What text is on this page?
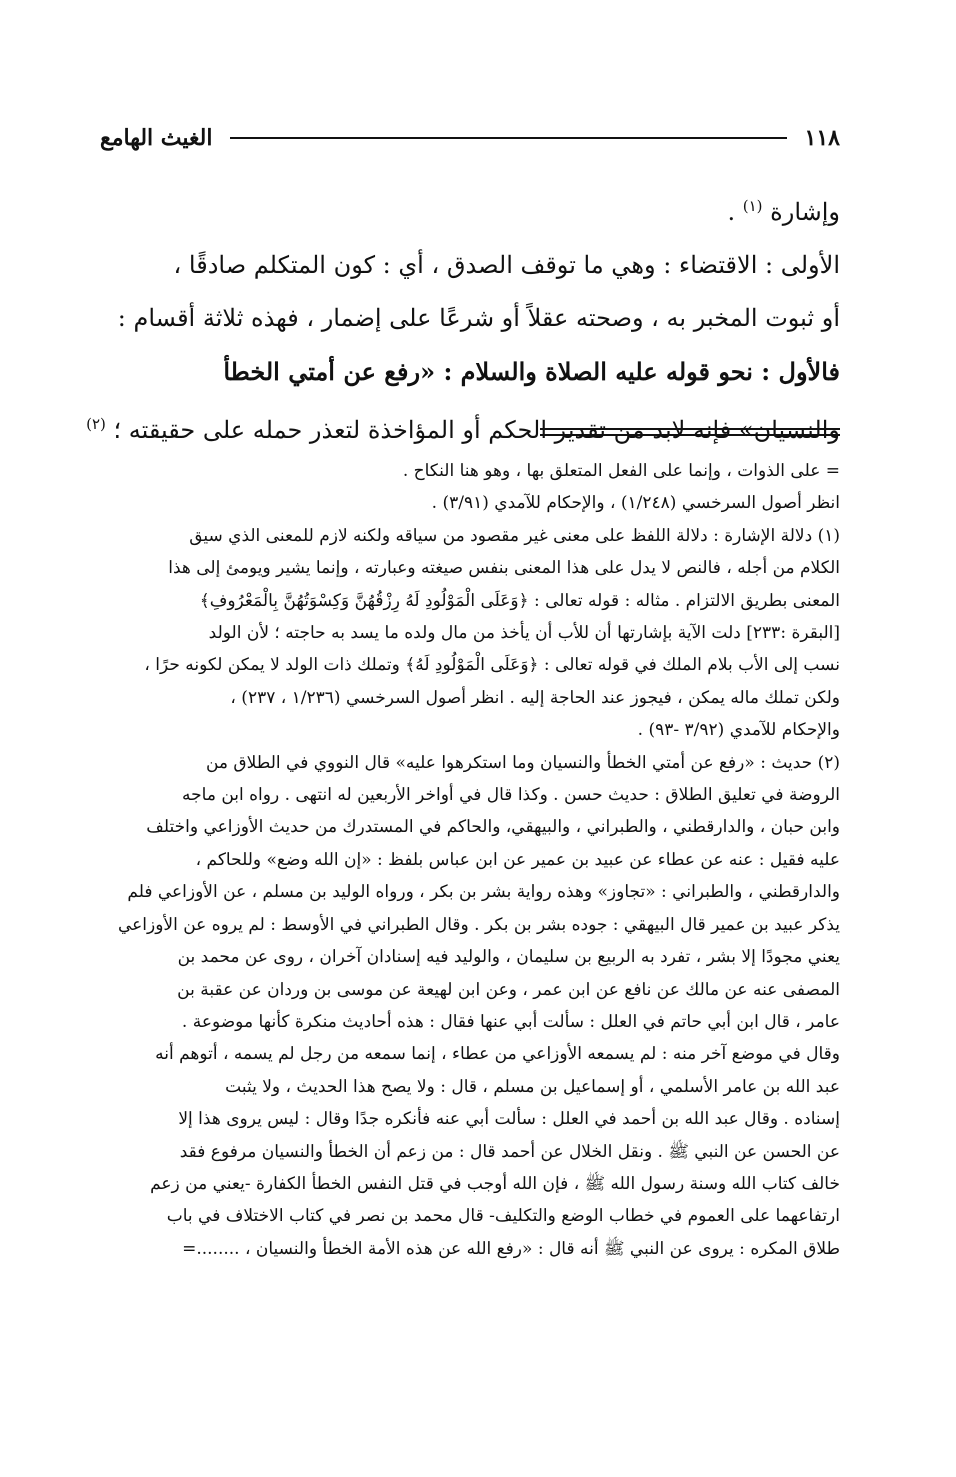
١١٨
الغيث الهامع
وإشارة $^{(١)}$ .
الأولى : الاقتضاء : وهي ما توقف الصدق ، أي : كون المتكلم صادقًا ،
أو ثبوت المخبر به ، وصحته عقلاً أو شرعًا على إضمار ، فهذه ثلاثة أقسام :
فالأول : نحو قوله عليه الصلاة والسلام : «رفع عن أمتي الخطأ
والنسيان» فإنه لابد من تقدير الحكم أو المؤاخذة لتعذر حمله على حقيقته ؛ $^{(٢)}$
= على الذوات ، وإنما على الفعل المتعلق بها ، وهو هنا النكاح .
انظر أصول السرخسي (١/٢٤٨) ، والإحكام للآمدي (٣/٩١) .
(١) دلالة الإشارة : دلالة اللفظ على معنى غير مقصود من سياقه ولكنه لازم للمعنى الذي سيق
الكلام من أجله ، فالنص لا يدل على هذا المعنى بنفس صيغته وعبارته ، وإنما يشير ويومئ إلى هذا
المعنى بطريق الالتزام . مثاله : قوله تعالى : ﴿وَعَلَى الْمَوْلُودِ لَهُ رِزْقُهُنَّ وَكِسْوَتُهُنَّ بِالْمَعْرُوفِ﴾
[البقرة :٢٣٣] دلت الآية بإشارتها أن للأب أن يأخذ من مال ولده ما يسد به حاجته ؛ لأن الولد
نسب إلى الأب بلام الملك في قوله تعالى : ﴿وَعَلَى الْمَوْلُودِ لَهُ﴾ وتملك ذات الولد لا يمكن لكونه حرًا ،
ولكن تملك ماله يمكن ، فيجوز عند الحاجة إليه . انظر أصول السرخسي (١/٢٣٦ ، ٢٣٧) ،
والإحكام للآمدي (٣/٩٢ -٩٣) .
(٢) حديث : «رفع عن أمتي الخطأ والنسيان وما استكرهوا عليه» قال النووي في الطلاق من
الروضة في تعليق الطلاق : حديث حسن . وكذا قال في أواخر الأربعين له انتهى . رواه ابن ماجه
وابن حبان ، والدارقطني ، والطبراني ، والبيهقي، والحاكم في المستدرك من حديث الأوزاعي واختلف
عليه فقيل : عنه عن عطاء عن عبيد بن عمير عن ابن عباس بلفظ : «إن الله وضع» وللحاكم ،
والدارقطني ، والطبراني : «تجاوز» وهذه رواية بشر بن بكر ، ورواه الوليد بن مسلم ، عن الأوزاعي فلم
يذكر عبيد بن عمير قال البيهقي : جوده بشر بن بكر . وقال الطبراني في الأوسط : لم يروه عن الأوزاعي
يعني مجودًا إلا بشر ، تفرد به الربيع بن سليمان ، والوليد فيه إسنادان آخران ، روى عن محمد بن
المصفى عنه عن مالك عن نافع عن ابن عمر ، وعن ابن لهيعة عن موسى بن وردان عن عقبة بن
عامر ، قال ابن أبي حاتم في العلل : سألت أبي عنها فقال : هذه أحاديث منكرة كأنها موضوعة .
وقال في موضع آخر منه : لم يسمعه الأوزاعي من عطاء ، إنما سمعه من رجل لم يسمه ، أتوهم أنه
عبد الله بن عامر الأسلمي ، أو إسماعيل بن مسلم ، قال : ولا يصح هذا الحديث ، ولا يثبت
إسناده . وقال عبد الله بن أحمد في العلل : سألت أبي عنه فأنكره جدًا وقال : ليس يروى هذا إلا
عن الحسن عن النبي ﷺ . ونقل الخلال عن أحمد قال : من زعم أن الخطأ والنسيان مرفوع فقد
خالف كتاب الله وسنة رسول الله ﷺ ، فإن الله أوجب في قتل النفس الخطأ الكفارة -يعني من زعم
ارتفاعهما على العموم في خطاب الوضع والتكليف- قال محمد بن نصر في كتاب الاختلاف في باب
طلاق المكره : يروى عن النبي ﷺ أنه قال : «رفع الله عن هذه الأمة الخطأ والنسيان ، ........=
